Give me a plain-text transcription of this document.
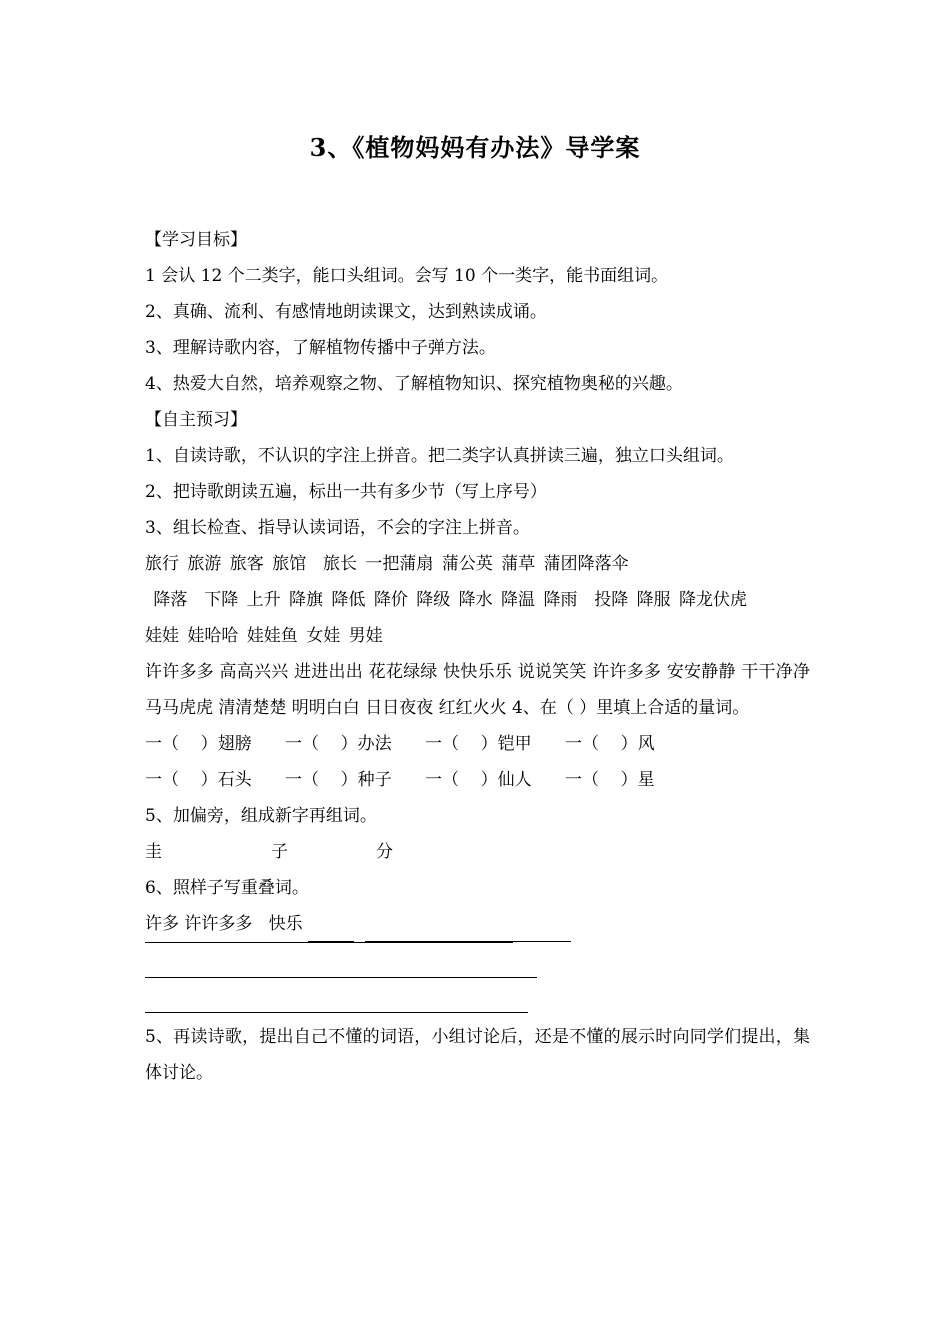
3、《植物妈妈有办法》导学案
【学习目标】
1 会认 12 个二类字，能口头组词。会写 10 个一类字，能书面组词。
2、真确、流利、有感情地朗读课文，达到熟读成诵。
3、理解诗歌内容，了解植物传播中子弹方法。
4、热爱大自然，培养观察之物、了解植物知识、探究植物奥秘的兴趣。
【自主预习】
1、自读诗歌，不认识的字注上拼音。把二类字认真拼读三遍，独立口头组词。
2、把诗歌朗读五遍，标出一共有多少节（写上序号）
3、组长检查、指导认读词语，不会的字注上拼音。
旅行 旅游 旅客 旅馆  旅长 一把蒲扇 蒲公英 蒲草 蒲团降落伞
降落  下降 上升 降旗 降低 降价 降级 降水 降温 降雨  投降 降服 降龙伏虎
娃娃 娃哈哈 娃娃鱼 女娃 男娃
许许多多 高高兴兴 进进出出 花花绿绿 快快乐乐 说说笑笑 许许多多 安安静静 干干净净 马马虎虎 清清楚楚 明明白白 日日夜夜 红红火火 4、在（ ）里填上合适的量词。
一（    ）翅膀	一（    ）办法	一（    ）铠甲	一（    ）风
一（    ）石头	一（    ）种子	一（    ）仙人	一（    ）星
5、加偏旁，组成新字再组词。
圭	子	分
6、照样子写重叠词。
许多 许许多多   快乐
5、再读诗歌，提出自己不懂的词语，小组讨论后，还是不懂的展示时向同学们提出，集体讨论。
